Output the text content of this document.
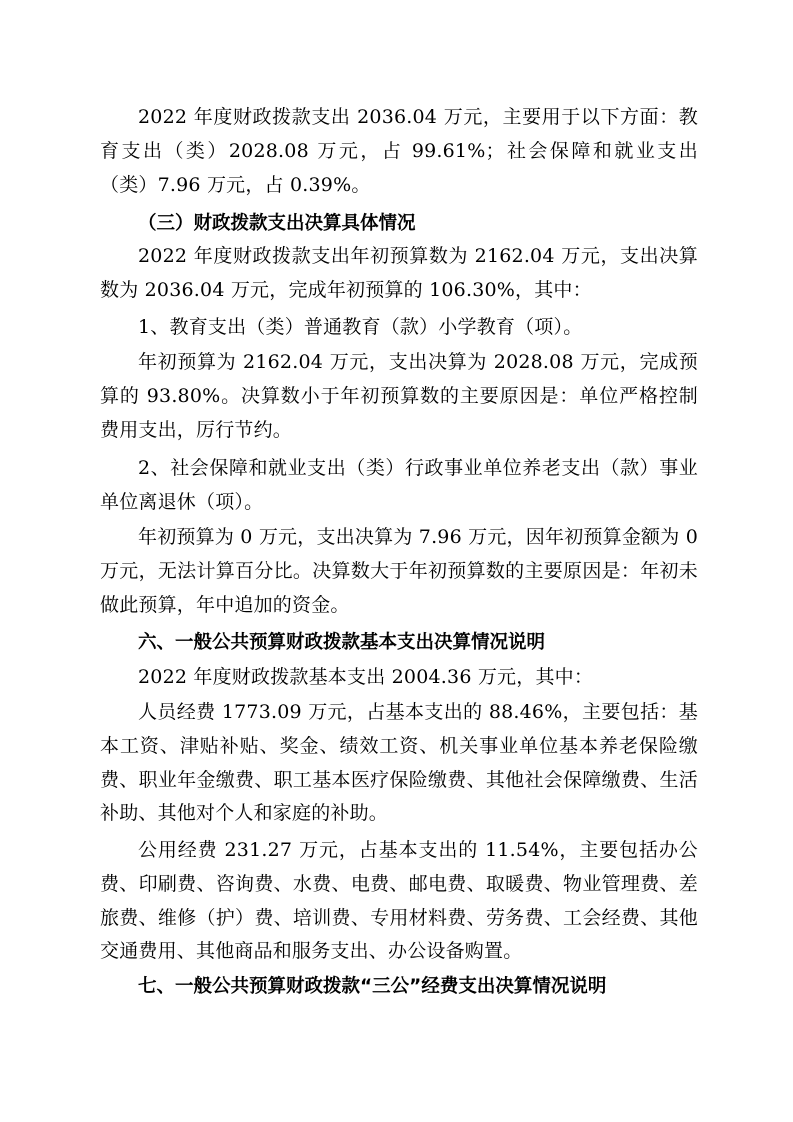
2022 年度财政拨款支出 2036.04 万元，主要用于以下方面：教育支出（类）2028.08 万元，占 99.61%；社会保障和就业支出（类）7.96 万元，占 0.39%。

（三）财政拨款支出决算具体情况

2022 年度财政拨款支出年初预算数为 2162.04 万元，支出决算数为 2036.04 万元，完成年初预算的 106.30%，其中：

1、教育支出（类）普通教育（款）小学教育（项）。

年初预算为 2162.04 万元，支出决算为 2028.08 万元，完成预算的 93.80%。决算数小于年初预算数的主要原因是：单位严格控制费用支出，厉行节约。

2、社会保障和就业支出（类）行政事业单位养老支出（款）事业单位离退休（项）。

年初预算为 0 万元，支出决算为 7.96 万元，因年初预算金额为 0 万元，无法计算百分比。决算数大于年初预算数的主要原因是：年初未做此预算，年中追加的资金。

六、一般公共预算财政拨款基本支出决算情况说明

2022 年度财政拨款基本支出 2004.36 万元，其中：

人员经费 1773.09 万元，占基本支出的 88.46%，主要包括：基本工资、津贴补贴、奖金、绩效工资、机关事业单位基本养老保险缴费、职业年金缴费、职工基本医疗保险缴费、其他社会保障缴费、生活补助、其他对个人和家庭的补助。

公用经费 231.27 万元，占基本支出的 11.54%，主要包括办公费、印刷费、咨询费、水费、电费、邮电费、取暖费、物业管理费、差旅费、维修（护）费、培训费、专用材料费、劳务费、工会经费、其他交通费用、其他商品和服务支出、办公设备购置。

七、一般公共预算财政拨款“三公”经费支出决算情况说明
